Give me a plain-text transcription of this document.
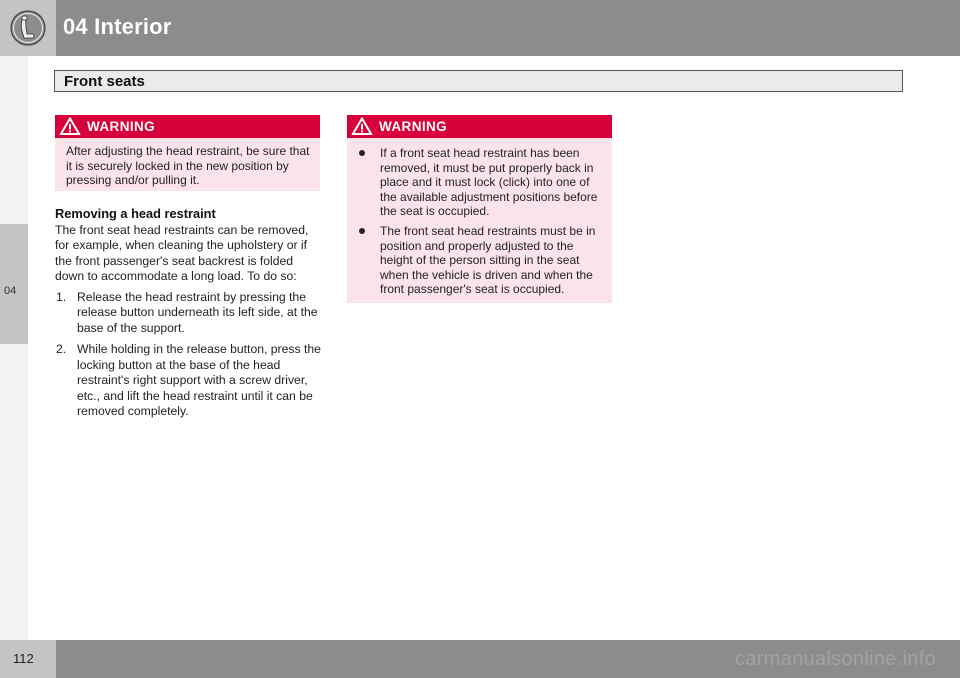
04 Interior
Front seats
04
WARNING
After adjusting the head restraint, be sure that it is securely locked in the new position by pressing and/or pulling it.
Removing a head restraint

The front seat head restraints can be removed, for example, when cleaning the upholstery or if the front passenger's seat backrest is folded down to accommodate a long load. To do so:

1. Release the head restraint by pressing the release button underneath its left side, at the base of the support.
2. While holding in the release button, press the locking button at the base of the head restraint's right support with a screw driver, etc., and lift the head restraint until it can be removed completely.
WARNING
If a front seat head restraint has been removed, it must be put properly back in place and it must lock (click) into one of the available adjustment positions before the seat is occupied.
The front seat head restraints must be in position and properly adjusted to the height of the person sitting in the seat when the vehicle is driven and when the front passenger's seat is occupied.
112	carmanualsonline.info
